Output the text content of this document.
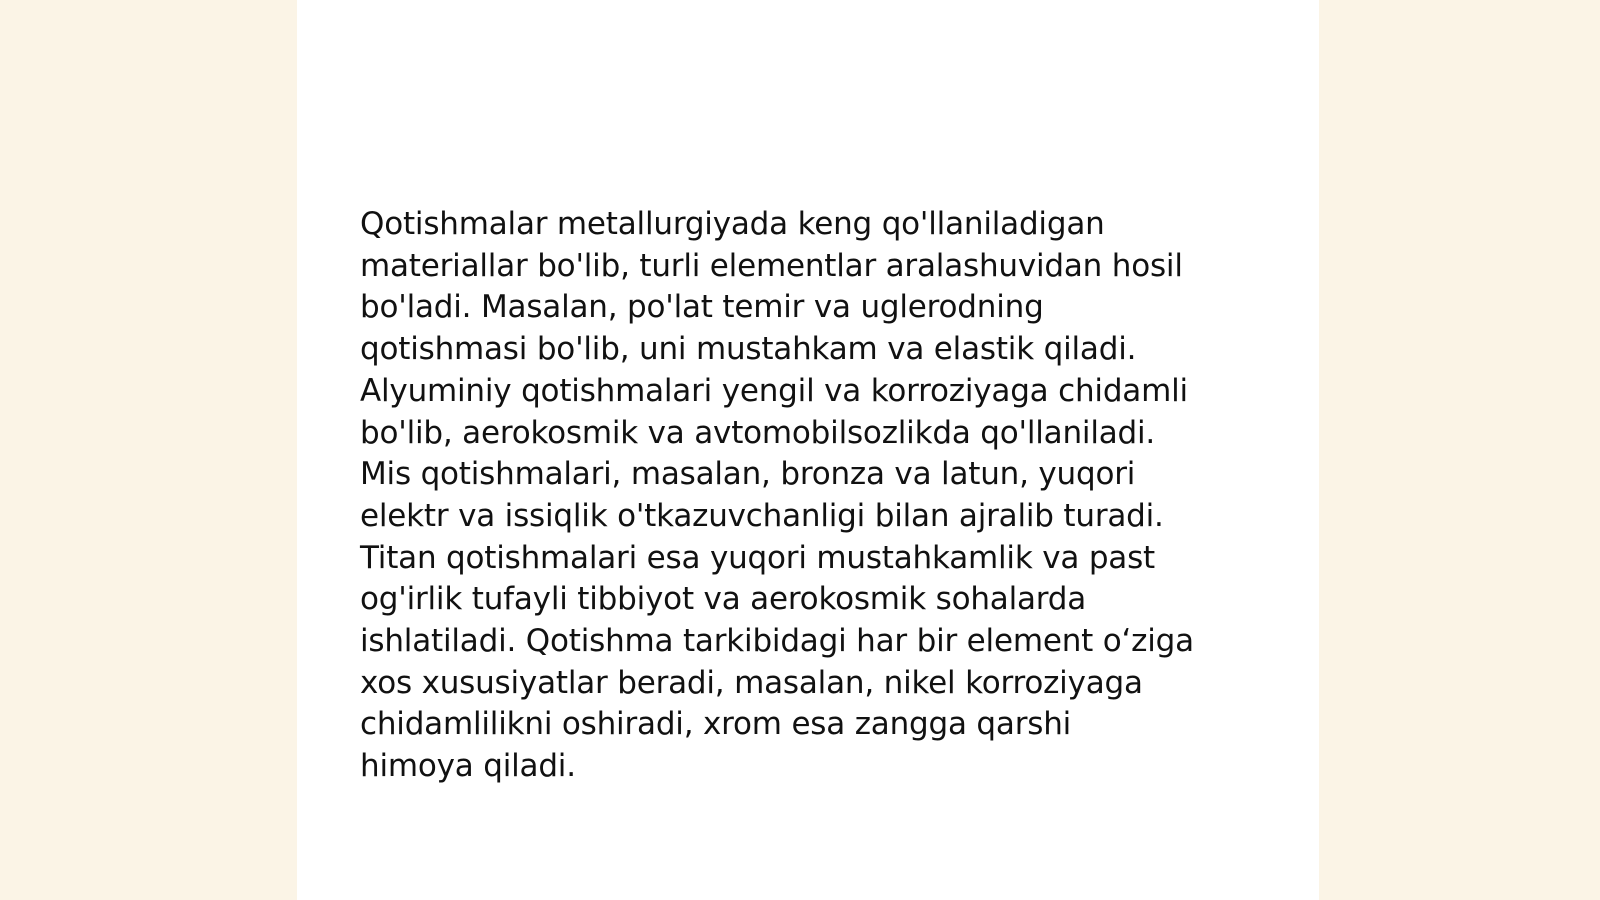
Qotishmalar metallurgiyada keng qo'llaniladigan
materiallar bo'lib, turli elementlar aralashuvidan hosil
bo'ladi. Masalan, po'lat temir va uglerodning
qotishmasi bo'lib, uni mustahkam va elastik qiladi.
Alyuminiy qotishmalari yengil va korroziyaga chidamli
bo'lib, aerokosmik va avtomobilsozlikda qo'llaniladi.
Mis qotishmalari, masalan, bronza va latun, yuqori
elektr va issiqlik o'tkazuvchanligi bilan ajralib turadi.
Titan qotishmalari esa yuqori mustahkamlik va past
og'irlik tufayli tibbiyot va aerokosmik sohalarda
ishlatiladi. Qotishma tarkibidagi har bir element oʻziga
xos xususiyatlar beradi, masalan, nikel korroziyaga
chidamlilikni oshiradi, xrom esa zangga qarshi
himoya qiladi.
